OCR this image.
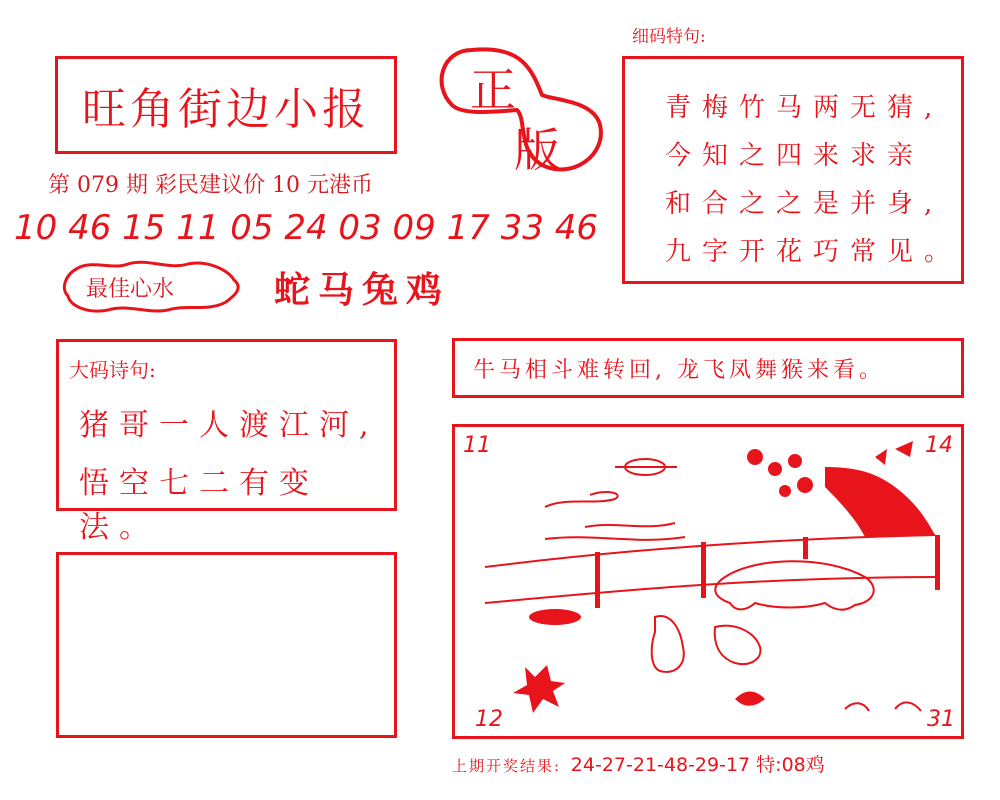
旺角街边小报	正
版
第 079 期 彩民建议价 10 元港币
10 46 15 11 05 24 03 09 17 33 46
最佳心水	蛇马兔鸡
细码特句:
青梅竹马两无猜,
今知之四来求亲
和合之之是并身,
九字开花巧常见。
大码诗句:
猪哥一人渡江河,
悟空七二有变法。
牛马相斗难转回, 龙飞凤舞猴来看。
11	14
12	31
上期开奖结果: 24-27-21-48-29-17 特:08鸡
